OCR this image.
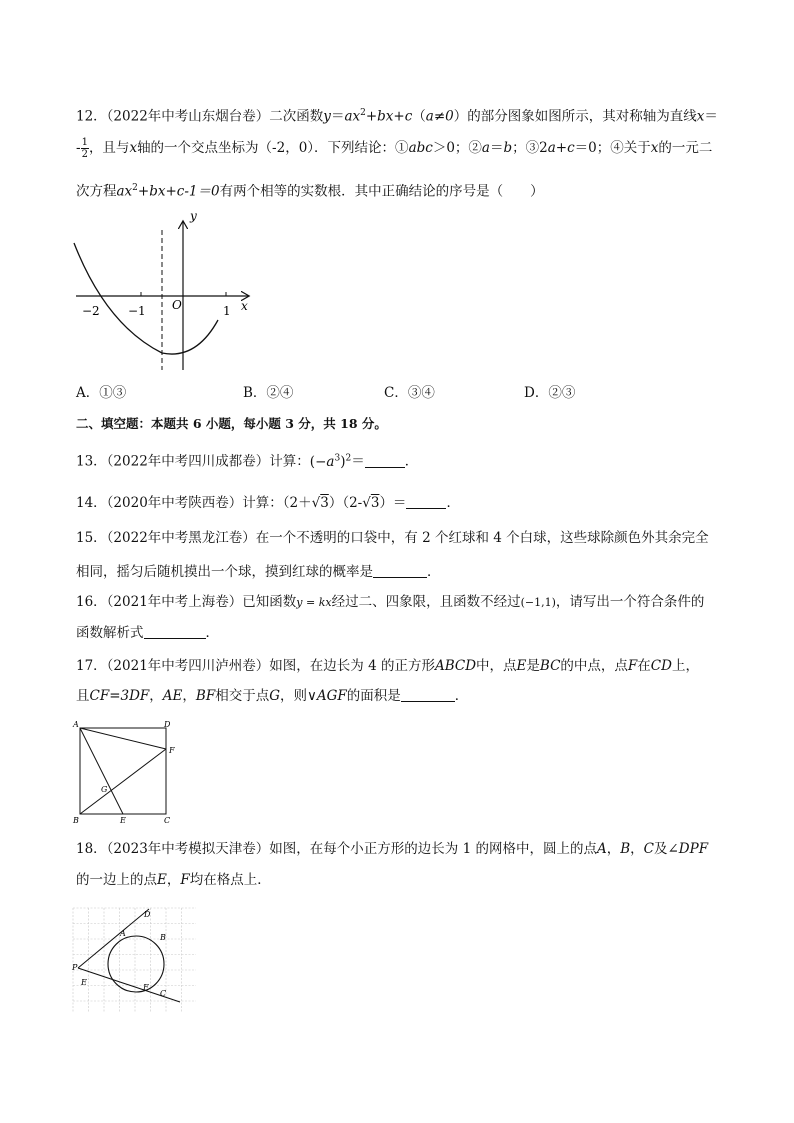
12．（2022年中考山东烟台卷）二次函数$y=ax^2+bx+c(a\ne 0)$的部分图象如图所示，其对称轴为直线x＝
- $\frac{1}{2}$，且与x轴的一个交点坐标为（-2，0）．下列结论：①abc＞0；②a＝b；③2a+c＝0；④关于x的一元二
次方程$ax^2+bx+c-1=0$有两个相等的实数根．其中正确结论的序号是（　　）
y
x
O
−2 −1	1
A．①③	B．②④	C．③④	D．②③
二、填空题：本题共 6 小题，每小题 3 分，共 18 分。
13．（2022年中考四川成都卷）计算：$(-a^3)^2=$	．
14．（2020年中考陕西卷）计算：（2＋√3）（2-√3）＝	．
15．（2022年中考黑龙江卷）在一个不透明的口袋中，有 2 个红球和 4 个白球，这些球除颜色外其余完全
相同，摇匀后随机摸出一个球，摸到红球的概率是	．
16．（2021年中考上海卷）已知函数y = kx经过二、四象限，且函数不经过(−1,1)，请写出一个符合条件的
函数解析式	．
17．（2021年中考四川泸州卷）如图，在边长为 4 的正方形ABCD中，点E是BC的中点，点F在CD上，
且CF=3DF，AE，BF相交于点G，则∨AGF的面积是	．
A	D
F
G
B	E	C
18．（2023年中考模拟天津卷）如图，在每个小正方形的边长为 1 的网格中，圆上的点A，B，C及∠DPF
的一边上的点E，F均在格点上．
D
A	B
P
E
F
C
